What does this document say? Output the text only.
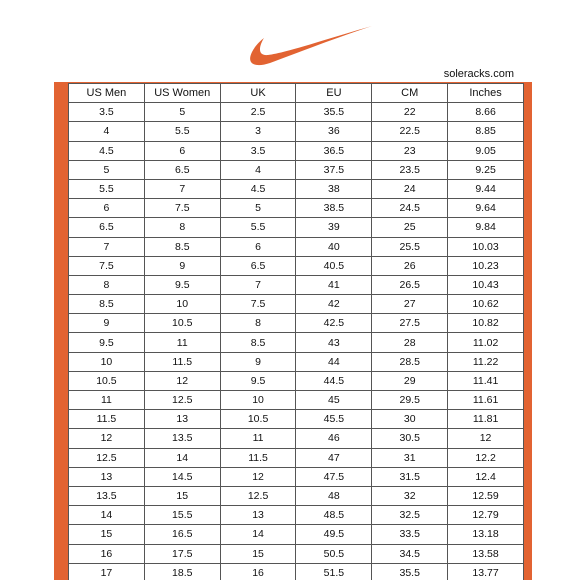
soleracks.com
US Men	US Women	UK	EU	CM	Inches
3.5	5	2.5	35.5	22	8.66
4	5.5	3	36	22.5	8.85
4.5	6	3.5	36.5	23	9.05
5	6.5	4	37.5	23.5	9.25
5.5	7	4.5	38	24	9.44
6	7.5	5	38.5	24.5	9.64
6.5	8	5.5	39	25	9.84
7	8.5	6	40	25.5	10.03
7.5	9	6.5	40.5	26	10.23
8	9.5	7	41	26.5	10.43
8.5	10	7.5	42	27	10.62
9	10.5	8	42.5	27.5	10.82
9.5	11	8.5	43	28	11.02
10	11.5	9	44	28.5	11.22
10.5	12	9.5	44.5	29	11.41
11	12.5	10	45	29.5	11.61
11.5	13	10.5	45.5	30	11.81
12	13.5	11	46	30.5	12
12.5	14	11.5	47	31	12.2
13	14.5	12	47.5	31.5	12.4
13.5	15	12.5	48	32	12.59
14	15.5	13	48.5	32.5	12.79
15	16.5	14	49.5	33.5	13.18
16	17.5	15	50.5	34.5	13.58
17	18.5	16	51.5	35.5	13.77
